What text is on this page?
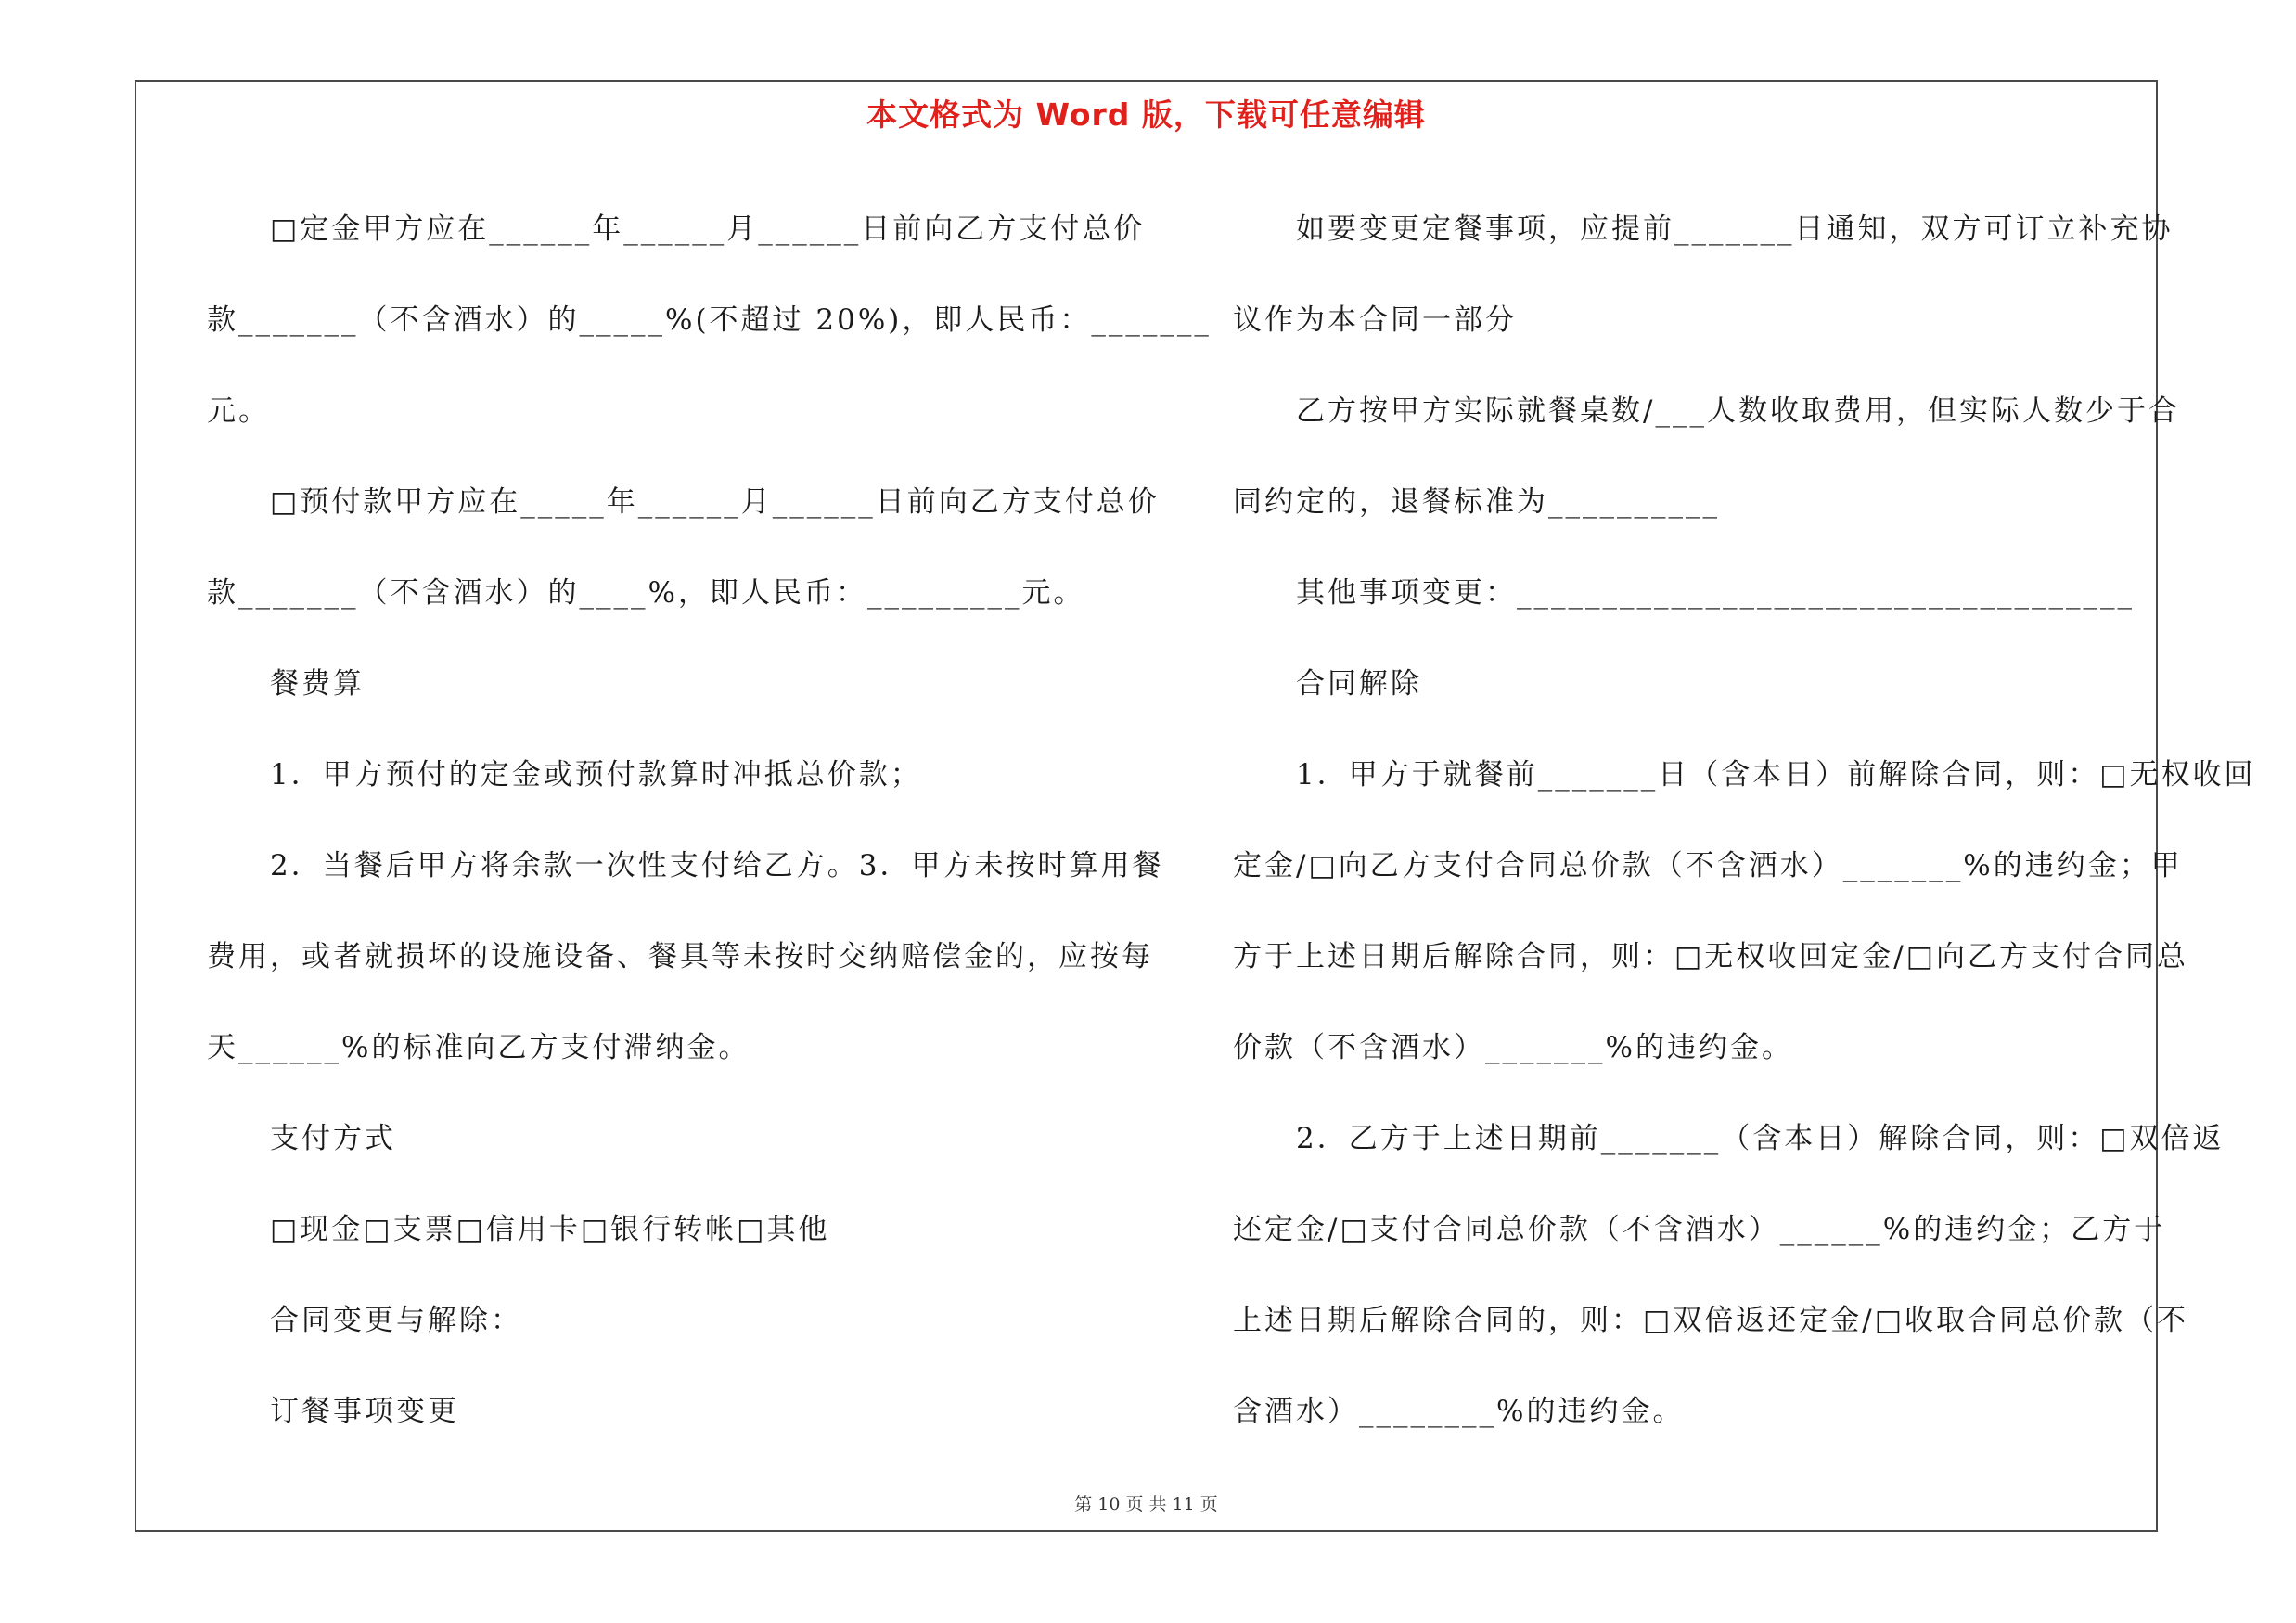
本文格式为 Word 版，下载可任意编辑

□定金甲方应在______年______月______日前向乙方支付总价

款_______（不含酒水）的_____%(不超过 20%)，即人民币：_______

元。

□预付款甲方应在_____年______月______日前向乙方支付总价

款_______（不含酒水）的____%，即人民币：_________元。

餐费算

1．甲方预付的定金或预付款算时冲抵总价款；

2．当餐后甲方将余款一次性支付给乙方。3．甲方未按时算用餐

费用，或者就损坏的设施设备、餐具等未按时交纳赔偿金的，应按每

天______%的标准向乙方支付滞纳金。

支付方式

□现金□支票□信用卡□银行转帐□其他

合同变更与解除：

订餐事项变更

如要变更定餐事项，应提前_______日通知，双方可订立补充协

议作为本合同一部分

乙方按甲方实际就餐桌数/___人数收取费用，但实际人数少于合

同约定的，退餐标准为__________

其他事项变更：____________________________________

合同解除

1．甲方于就餐前_______日（含本日）前解除合同，则：□无权收回

定金/□向乙方支付合同总价款（不含酒水）_______%的违约金；甲

方于上述日期后解除合同，则：□无权收回定金/□向乙方支付合同总

价款（不含酒水）_______%的违约金。

2．乙方于上述日期前_______（含本日）解除合同，则：□双倍返

还定金/□支付合同总价款（不含酒水）______%的违约金；乙方于

上述日期后解除合同的，则：□双倍返还定金/□收取合同总价款（不

含酒水）________%的违约金。

第 10 页 共 11 页
